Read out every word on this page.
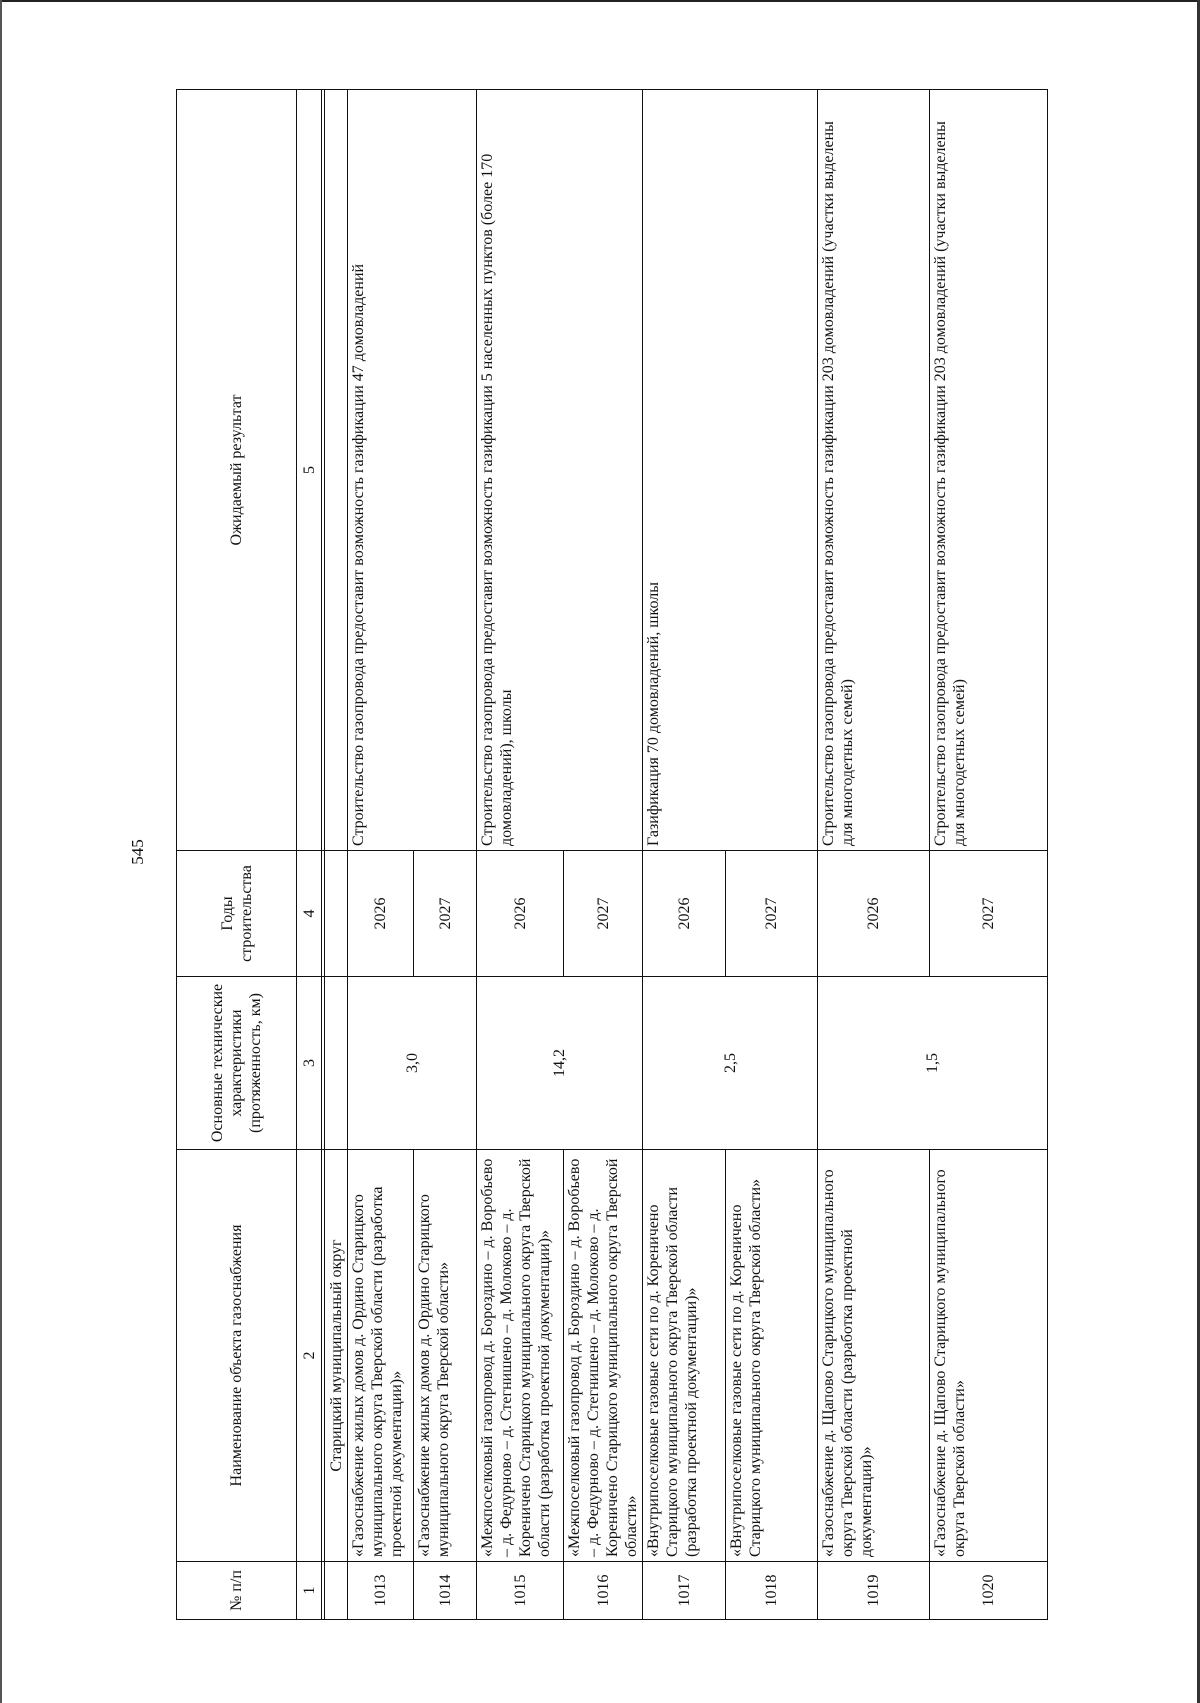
545
№ п/п	Наименование объекта газоснабжения	Основные технические характеристики (протяженность, км)	Годы строительства	Ожидаемый результат
1	2	3	4	5

	Старицкий муниципальный округ			
1013	«Газоснабжение жилых домов д. Ордино Старицкого муниципального округа Тверской области (разработка проектной документации)»	3,0	2026	Строительство газопровода предоставит возможность газификации 47 домовладений
1014	«Газоснабжение жилых домов д. Ордино Старицкого муниципального округа Тверской области»		2027	
1015	«Межпоселковый газопровод д. Бороздино – д. Воробьево – д. Федурново – д. Стегнишено – д. Молоково – д. Кореничено Старицкого муниципального округа Тверской области (разработка проектной документации)»	14,2	2026	Строительство газопровода предоставит возможность газификации 5 населенных пунктов (более 170 домовладений), школы
1016	«Межпоселковый газопровод д. Бороздино – д. Воробьево – д. Федурново – д. Стегнишено – д. Молоково – д. Кореничено Старицкого муниципального округа Тверской области»		2027	
1017	«Внутрипоселковые газовые сети по д. Кореничено Старицкого муниципального округа Тверской области (разработка проектной документации)»	2,5	2026	Газификация 70 домовладений, школы
1018	«Внутрипоселковые газовые сети по д. Кореничено Старицкого муниципального округа Тверской области»		2027	
1019	«Газоснабжение д. Щапово Старицкого муниципального округа Тверской области (разработка проектной документации)»	1,5	2026	Строительство газопровода предоставит возможность газификации 203 домовладений (участки выделены для многодетных семей)
1020	«Газоснабжение д. Щапово Старицкого муниципального округа Тверской области»		2027	Строительство газопровода предоставит возможность газификации 203 домовладений (участки выделены для многодетных семей)
